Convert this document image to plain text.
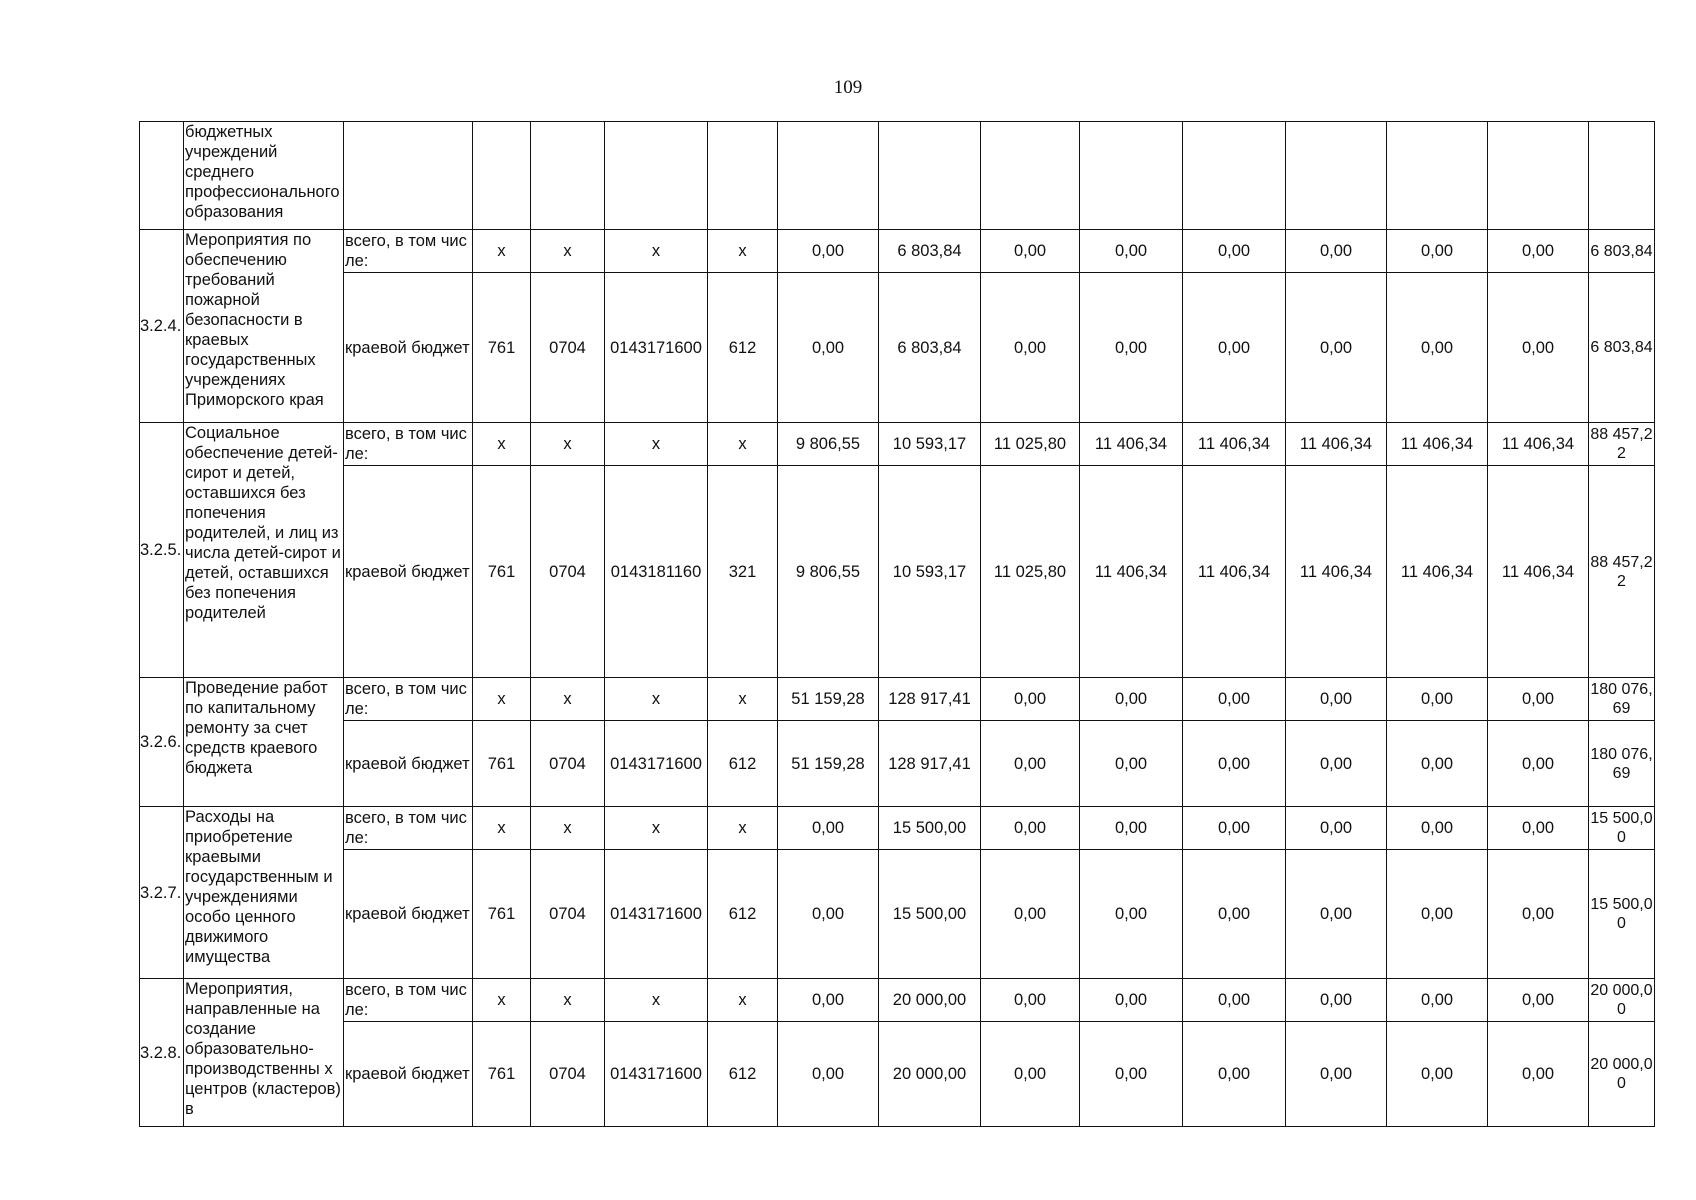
109
	бюджетных учреждений среднего профессионального образования														
3.2.4.	Мероприятия по обеспечению требований пожарной безопасности в краевых государственных учреждениях Приморского края	всего, в том числе:	х	х	х	х	0,00	6 803,84	0,00	0,00	0,00	0,00	0,00	0,00	6 803,84
		краевой бюджет	761	0704	0143171600	612	0,00	6 803,84	0,00	0,00	0,00	0,00	0,00	0,00	6 803,84
3.2.5.	Социальное обеспечение детей-сирот и детей, оставшихся без попечения родителей, и лиц из числа детей-сирот и детей, оставшихся без попечения родителей	всего, в том числе:	х	х	х	х	9 806,55	10 593,17	11 025,80	11 406,34	11 406,34	11 406,34	11 406,34	11 406,34	88 457,22
		краевой бюджет	761	0704	0143181160	321	9 806,55	10 593,17	11 025,80	11 406,34	11 406,34	11 406,34	11 406,34	11 406,34	88 457,22
3.2.6.	Проведение работ по капитальному ремонту за счет средств краевого бюджета	всего, в том числе:	х	х	х	х	51 159,28	128 917,41	0,00	0,00	0,00	0,00	0,00	0,00	180 076,69
		краевой бюджет	761	0704	0143171600	612	51 159,28	128 917,41	0,00	0,00	0,00	0,00	0,00	0,00	180 076,69
3.2.7.	Расходы на приобретение краевыми государственным и учреждениями особо ценного движимого имущества	всего, в том числе:	х	х	х	х	0,00	15 500,00	0,00	0,00	0,00	0,00	0,00	0,00	15 500,00
		краевой бюджет	761	0704	0143171600	612	0,00	15 500,00	0,00	0,00	0,00	0,00	0,00	0,00	15 500,00
3.2.8.	Мероприятия, направленные на создание образовательно-производственны х центров (кластеров) в	всего, в том числе:	х	х	х	х	0,00	20 000,00	0,00	0,00	0,00	0,00	0,00	0,00	20 000,00
		краевой бюджет	761	0704	0143171600	612	0,00	20 000,00	0,00	0,00	0,00	0,00	0,00	0,00	20 000,00
